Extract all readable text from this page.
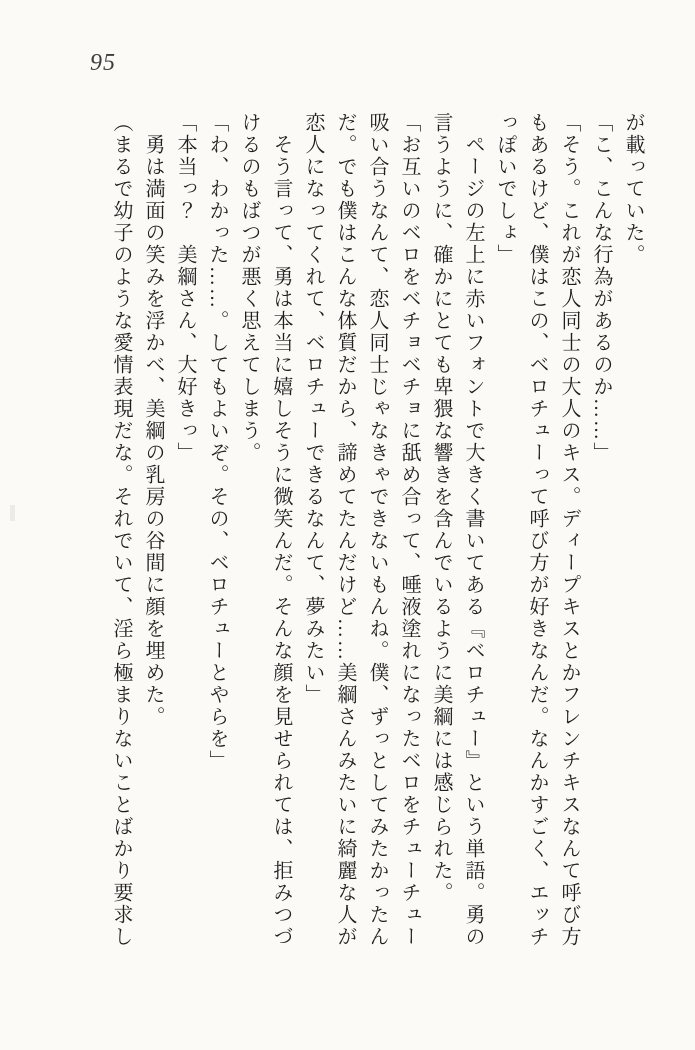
95
が載っていた。
「こ、こんな行為があるのか……」
「そう。これが恋人同士の大人のキス。ディープキスとかフレンチキスなんて呼び方
もあるけど、僕はこの、ベロチューって呼び方が好きなんだ。なんかすごく、エッチ
っぽいでしょ」
　ページの左上に赤いフォントで大きく書いてある『ベロチュー』という単語。勇の
言うように、確かにとても卑猥な響きを含んでいるように美綱には感じられた。
「お互いのベロをベチョベチョに舐め合って、唾液塗れになったベロをチューチュー
吸い合うなんて、恋人同士じゃなきゃできないもんね。僕、ずっとしてみたかったん
だ。でも僕はこんな体質だから、諦めてたんだけど……美綱さんみたいに綺麗な人が
恋人になってくれて、ベロチューできるなんて、夢みたい」
　そう言って、勇は本当に嬉しそうに微笑んだ。そんな顔を見せられては、拒みつづ
けるのもばつが悪く思えてしまう。
「わ、わかった……。してもよいぞ。その、ベロチューとやらを」
「本当っ？　美綱さん、大好きっ」
　勇は満面の笑みを浮かべ、美綱の乳房の谷間に顔を埋めた。
（まるで幼子のような愛情表現だな。それでいて、淫ら極まりないことばかり要求し
